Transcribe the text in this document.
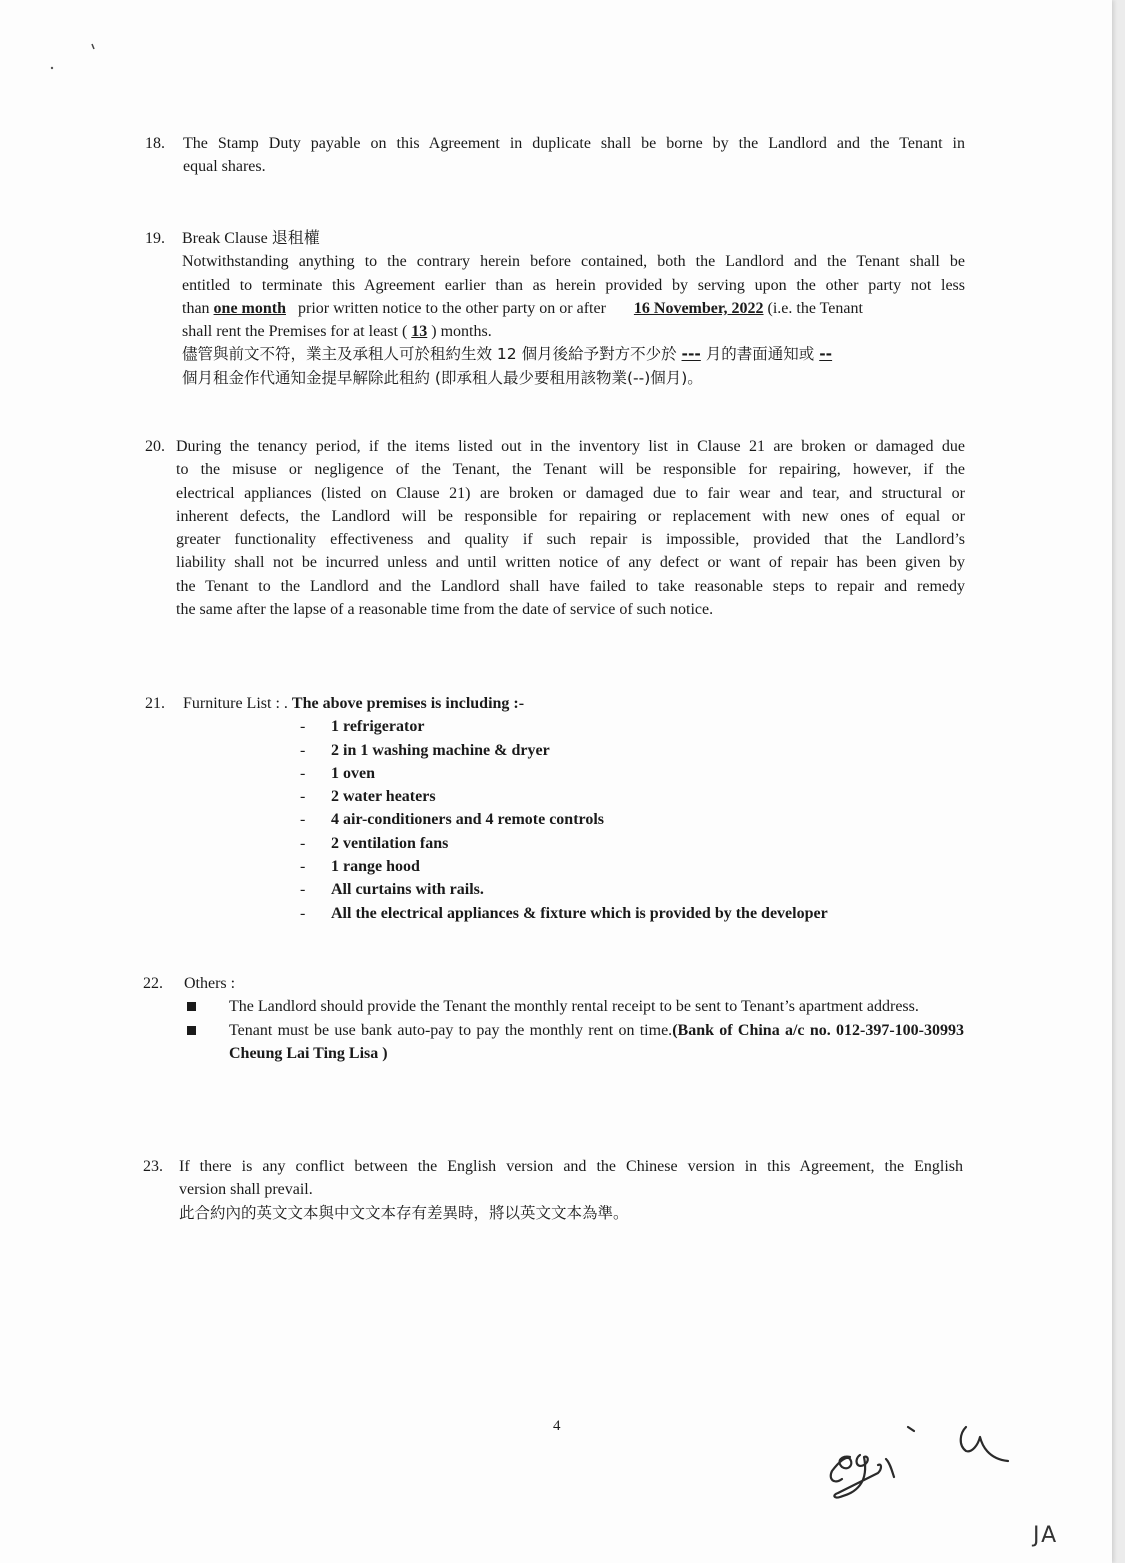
18. The Stamp Duty payable on this Agreement in duplicate shall be borne by the Landlord and the Tenant in
equal shares.
19. Break Clause 退租權
Notwithstanding anything to the contrary herein before contained, both the Landlord and the Tenant shall be
entitled to terminate this Agreement earlier than as herein provided by serving upon the other party not less
than one month prior written notice to the other party on or after 16 November, 2022 (i.e. the Tenant
shall rent the Premises for at least ( 13 ) months.
儘管與前文不符，業主及承租人可於租約生效 12 個月後給予對方不少於 --- 月的書面通知或 --
個月租金作代通知金提早解除此租約 (即承租人最少要租用該物業(--)個月)。
20. During the tenancy period, if the items listed out in the inventory list in Clause 21 are broken or damaged due
to the misuse or negligence of the Tenant, the Tenant will be responsible for repairing, however, if the
electrical appliances (listed on Clause 21) are broken or damaged due to fair wear and tear, and structural or
inherent defects, the Landlord will be responsible for repairing or replacement with new ones of equal or
greater functionality effectiveness and quality if such repair is impossible, provided that the Landlord’s
liability shall not be incurred unless and until written notice of any defect or want of repair has been given by
the Tenant to the Landlord and the Landlord shall have failed to take reasonable steps to repair and remedy
the same after the lapse of a reasonable time from the date of service of such notice.
21. Furniture List : . The above premises is including :-
- 1 refrigerator
- 2 in 1 washing machine & dryer
- 1 oven
- 2 water heaters
- 4 air-conditioners and 4 remote controls
- 2 ventilation fans
- 1 range hood
- All curtains with rails.
- All the electrical appliances & fixture which is provided by the developer
22. Others :
The Landlord should provide the Tenant the monthly rental receipt to be sent to Tenant’s apartment address.
Tenant must be use bank auto-pay to pay the monthly rent on time.(Bank of China a/c no. 012-397-100-30993 Cheung Lai Ting Lisa )
23. If there is any conflict between the English version and the Chinese version in this Agreement, the English
version shall prevail.
此合約內的英文文本與中文文本存有差異時，將以英文文本為準。
4
JA
